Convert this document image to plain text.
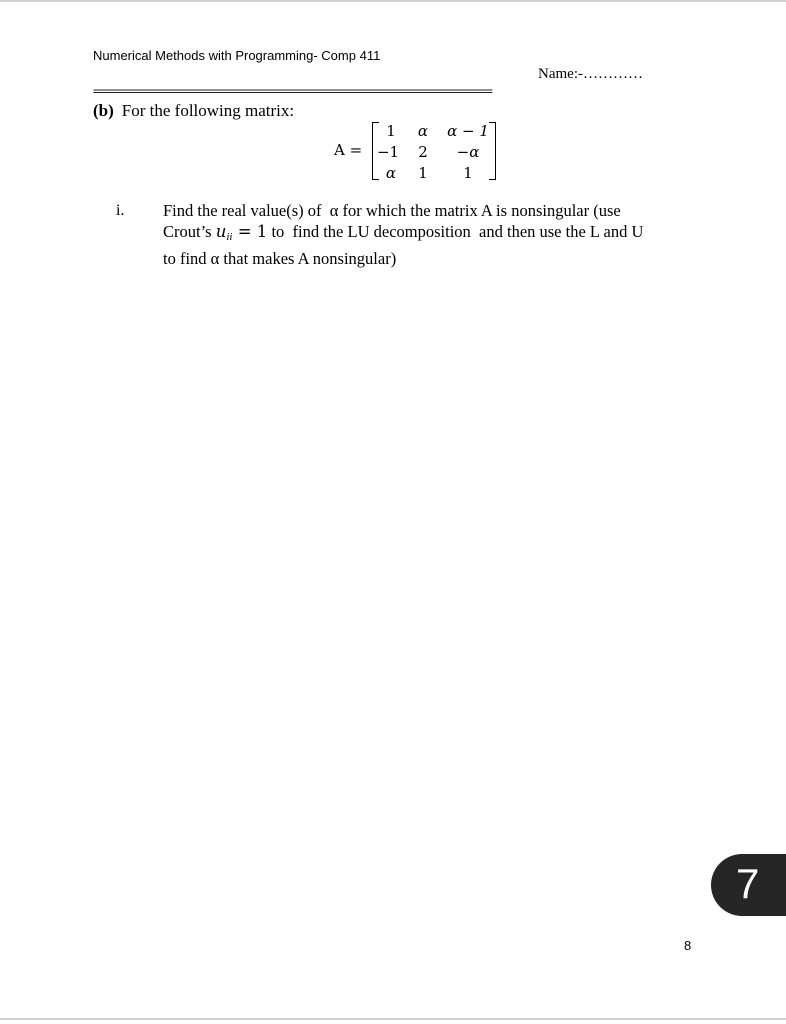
Numerical Methods with Programming- Comp 411
Name:-…………
==========================================================================
(b) For the following matrix:
A =
1	α	α − 1
−1	2	−α
α	1	1
i. Find the real value(s) of  α for which the matrix A is nonsingular (use
Crout’s uii = 1 to  find the LU decomposition  and then use the L and U
to find α that makes A nonsingular)
7
8
